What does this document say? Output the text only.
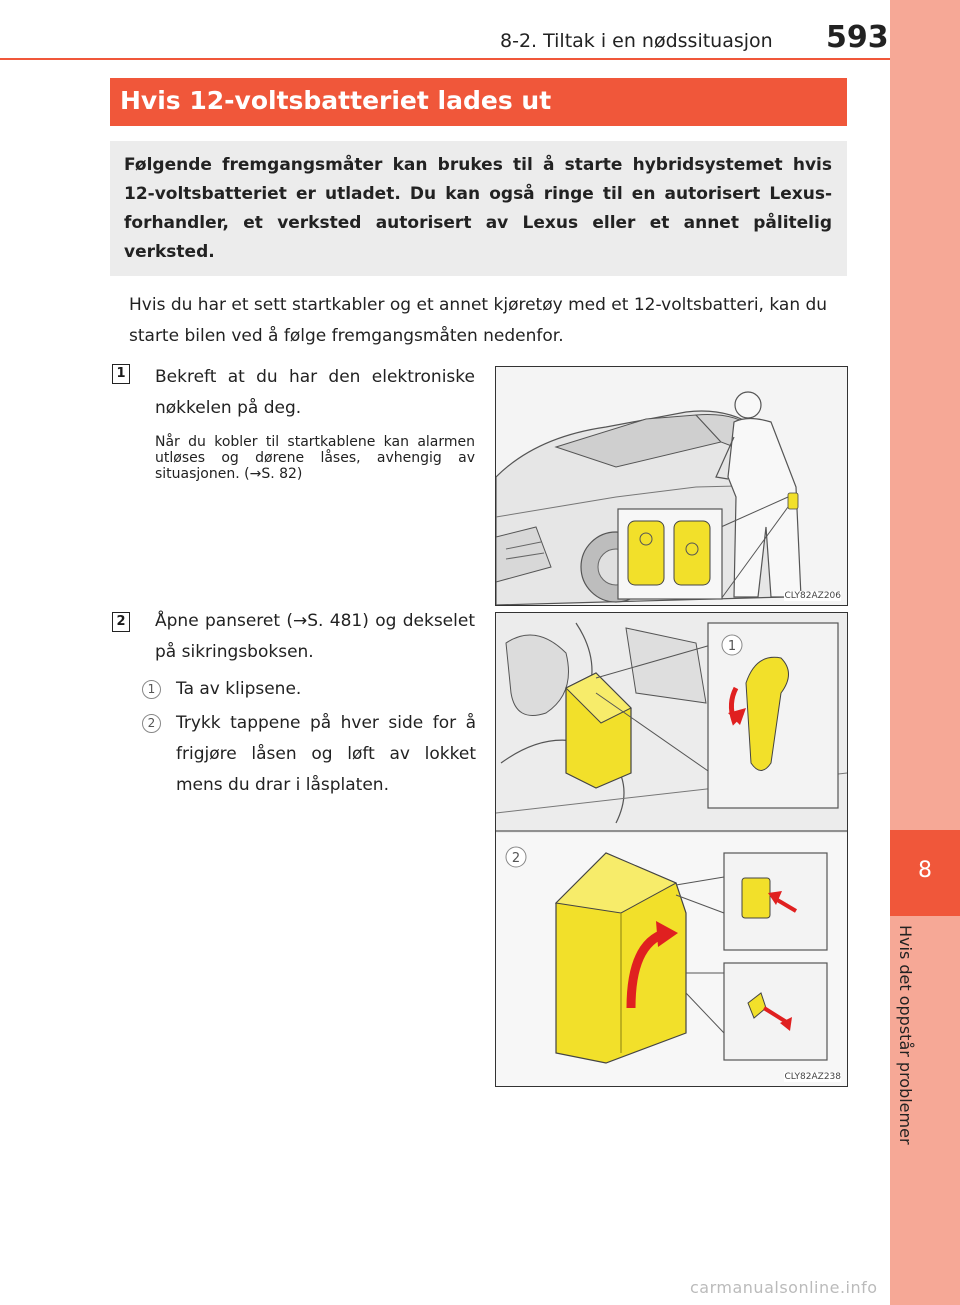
8-2. Tiltak i en nødssituasjon 593
8
Hvis det oppstår problemer
Hvis 12-voltsbatteriet lades ut

Følgende fremgangsmåter kan brukes til å starte hybridsystemet hvis 12-voltsbatteriet er utladet. Du kan også ringe til en autorisert Lexus-forhandler, et verksted autorisert av Lexus eller et annet pålitelig verksted.

Hvis du har et sett startkabler og et annet kjøretøy med et 12-voltsbatteri, kan du starte bilen ved å følge fremgangsmåten nedenfor.
1 Bekreft at du har den elektroniske nøkkelen på deg.
Når du kobler til startkablene kan alarmen utløses og dørene låses, avhengig av situasjonen. (→S. 82)
CLY82AZ206
2 Åpne panseret (→S. 481) og dekselet på sikringsboksen.
1	Ta av klipsene.
2	Trykk tappene på hver side for å frigjøre låsen og løft av lokket mens du drar i låsplaten.
1
2
CLY82AZ238
carmanualsonline.info
